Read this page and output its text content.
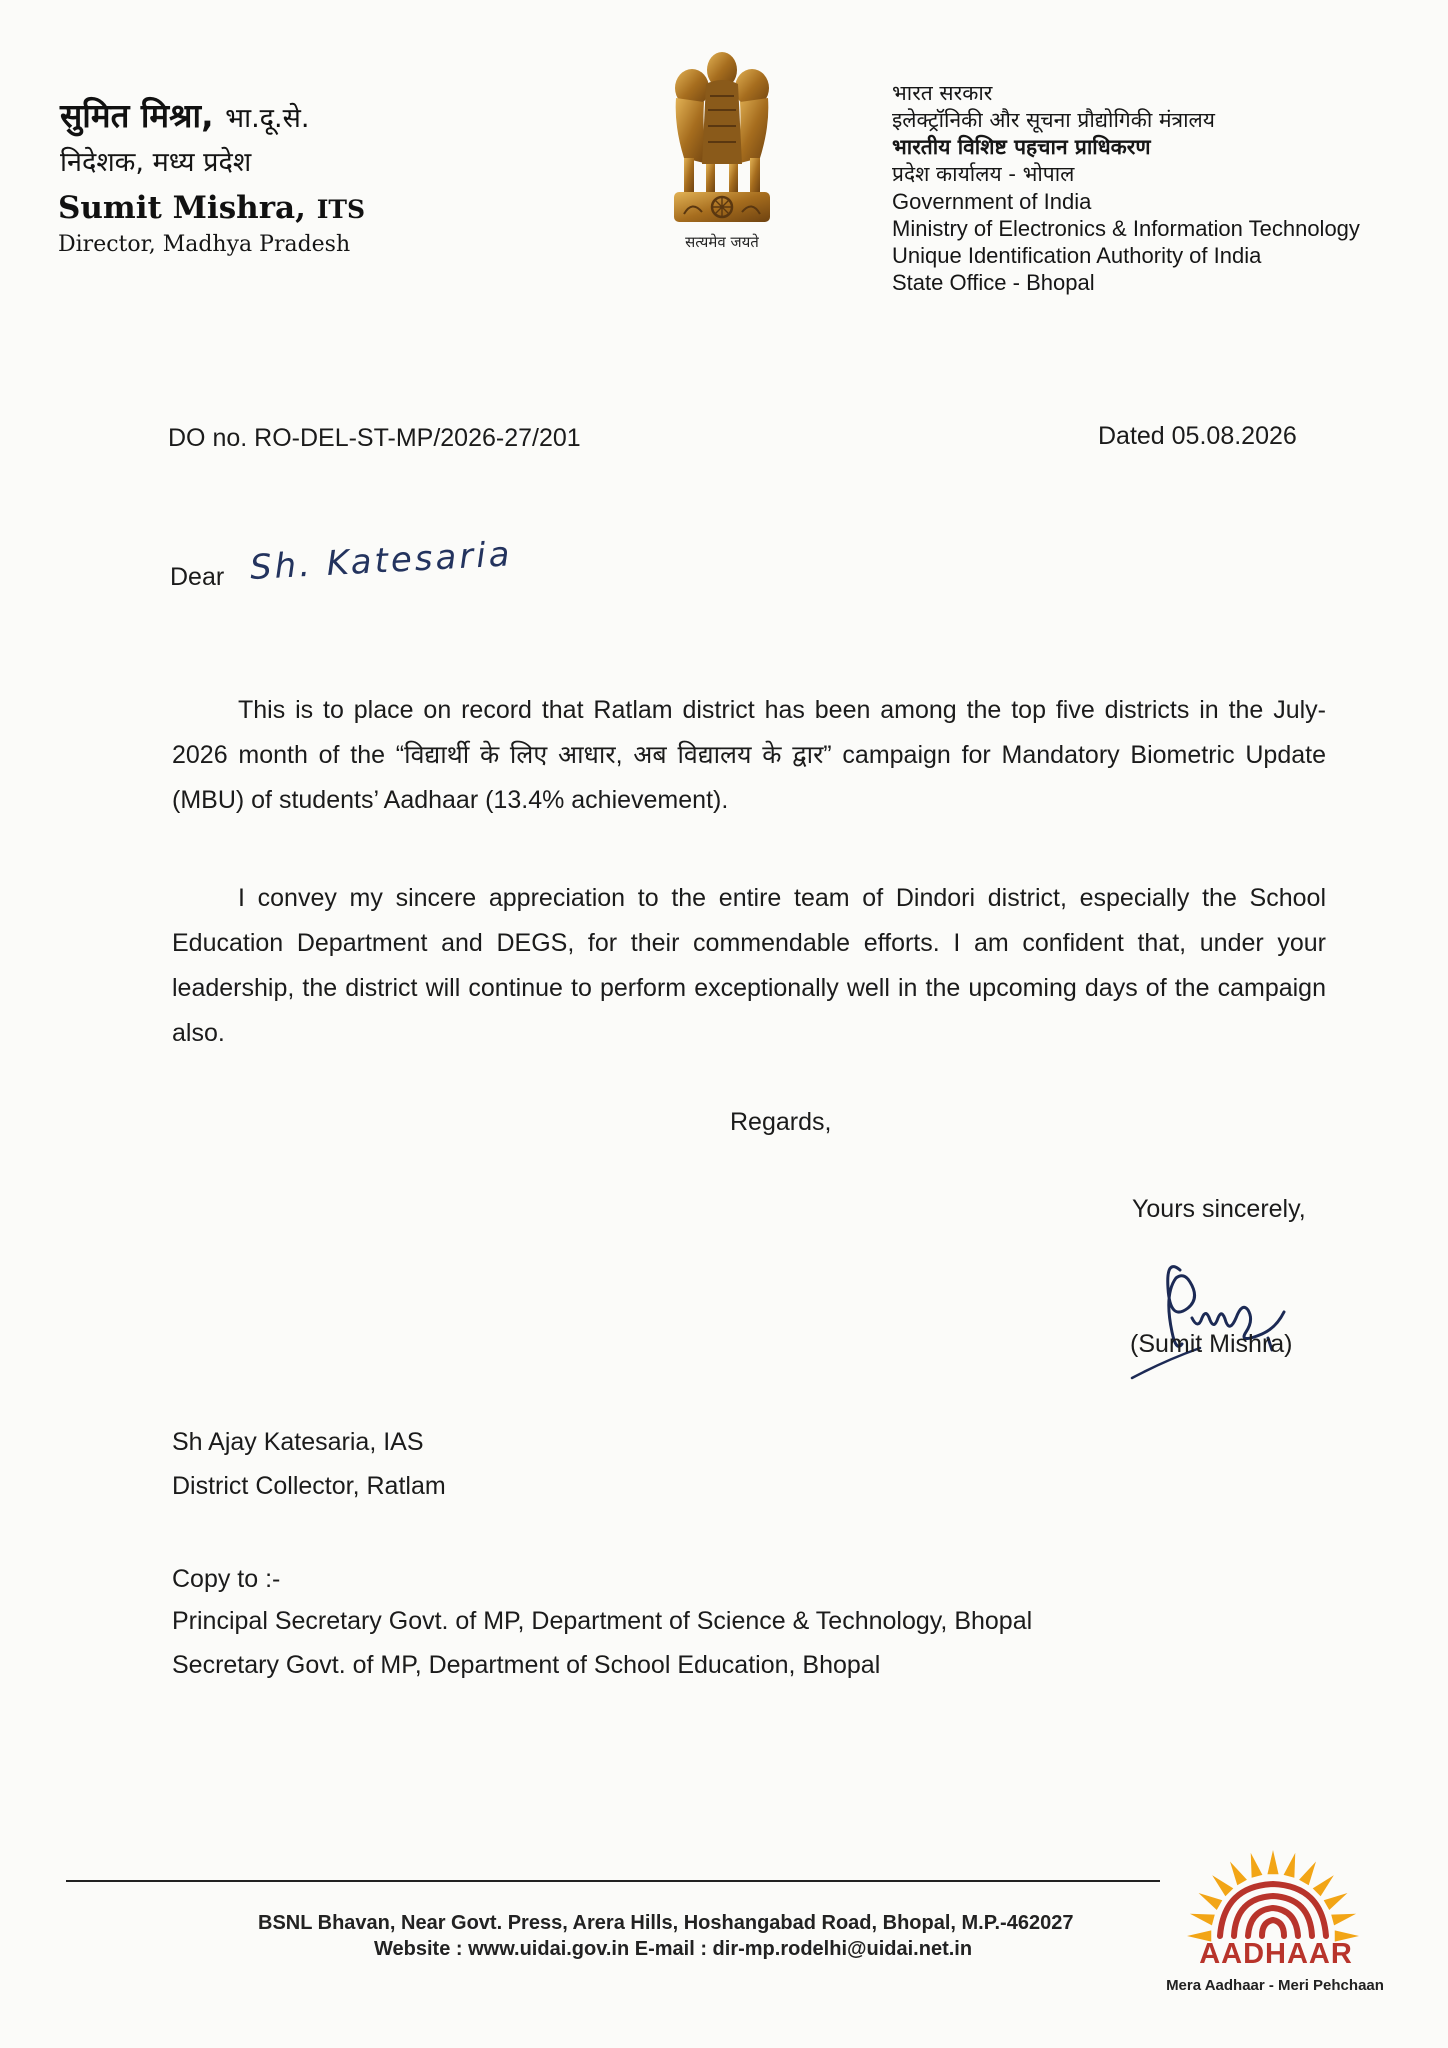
सुमित मिश्रा, भा.दू.से.
निदेशक, मध्य प्रदेश
Sumit Mishra, ITS
Director, Madhya Pradesh	सत्यमेव जयते
भारत सरकार
इलेक्ट्रॉनिकी और सूचना प्रौद्योगिकी मंत्रालय
भारतीय विशिष्ट पहचान प्राधिकरण
प्रदेश कार्यालय - भोपाल
Government of India
Ministry of Electronics & Information Technology
Unique Identification Authority of India
State Office - Bhopal
DO no. RO-DEL-ST-MP/2026-27/201	Dated 05.08.2026
Dear Sh. Katesaria
This is to place on record that Ratlam district has been among the top five districts in the July-2026 month of the “विद्यार्थी के लिए आधार, अब विद्यालय के द्वार” campaign for Mandatory Biometric Update (MBU) of students’ Aadhaar (13.4% achievement).
I convey my sincere appreciation to the entire team of Dindori district, especially the School Education Department and DEGS, for their commendable efforts. I am confident that, under your leadership, the district will continue to perform exceptionally well in the upcoming days of the campaign also.
Regards,
Yours sincerely,
(Sumit Mishra)
Sh Ajay Katesaria, IAS
District Collector, Ratlam
Copy to :-
Principal Secretary Govt. of MP, Department of Science & Technology, Bhopal
Secretary Govt. of MP, Department of School Education, Bhopal
BSNL Bhavan, Near Govt. Press, Arera Hills, Hoshangabad Road, Bhopal, M.P.-462027
Website : www.uidai.gov.in E-mail : dir-mp.rodelhi@uidai.net.in	AADHAAR
Mera Aadhaar - Meri Pehchaan
